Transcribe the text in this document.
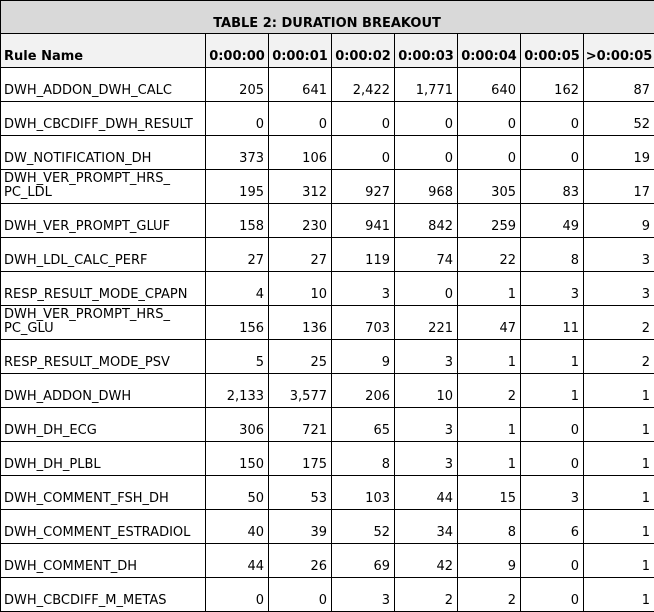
TABLE 2: DURATION BREAKOUT							
Rule Name	0:00:00	0:00:01	0:00:02	0:00:03	0:00:04	0:00:05	>0:00:05
DWH_ADDON_DWH_CALC	205	641	2,422	1,771	640	162	87
DWH_CBCDIFF_DWH_RESULT	0	0	0	0	0	0	52
DW_NOTIFICATION_DH	373	106	0	0	0	0	19
DWH_VER_PROMPT_HRS_
PC_LDL	195	312	927	968	305	83	17
DWH_VER_PROMPT_GLUF	158	230	941	842	259	49	9
DWH_LDL_CALC_PERF	27	27	119	74	22	8	3
RESP_RESULT_MODE_CPAPN	4	10	3	0	1	3	3
DWH_VER_PROMPT_HRS_
PC_GLU	156	136	703	221	47	11	2
RESP_RESULT_MODE_PSV	5	25	9	3	1	1	2
DWH_ADDON_DWH	2,133	3,577	206	10	2	1	1
DWH_DH_ECG	306	721	65	3	1	0	1
DWH_DH_PLBL	150	175	8	3	1	0	1
DWH_COMMENT_FSH_DH	50	53	103	44	15	3	1
DWH_COMMENT_ESTRADIOL	40	39	52	34	8	6	1
DWH_COMMENT_DH	44	26	69	42	9	0	1
DWH_CBCDIFF_M_METAS	0	0	3	2	2	0	1
